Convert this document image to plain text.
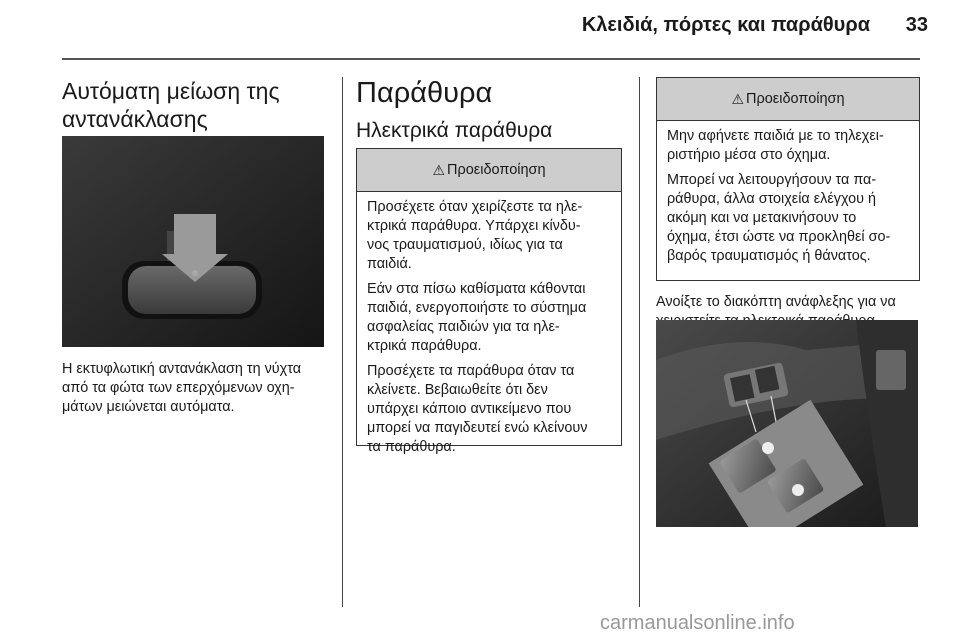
Κλειδιά, πόρτες και παράθυρα	33
Αυτόματη μείωση της
αντανάκλασης
Η εκτυφλωτική αντανάκλαση τη νύχτα
από τα φώτα των επερχόμενων οχη-
μάτων μειώνεται αυτόματα.
Παράθυρα
Ηλεκτρικά παράθυρα
⚠ Προειδοποίηση

Προσέχετε όταν χειρίζεστε τα ηλε-
κτρικά παράθυρα. Υπάρχει κίνδυ-
νος τραυματισμού, ιδίως για τα
παιδιά.

Εάν στα πίσω καθίσματα κάθονται
παιδιά, ενεργοποιήστε το σύστημα
ασφαλείας παιδιών για τα ηλε-
κτρικά παράθυρα.

Προσέχετε τα παράθυρα όταν τα
κλείνετε. Βεβαιωθείτε ότι δεν
υπάρχει κάποιο αντικείμενο που
μπορεί να παγιδευτεί ενώ κλείνουν
τα παράθυρα.

⚠ Προειδοποίηση

Μην αφήνετε παιδιά με το τηλεχει-
ριστήριο μέσα στο όχημα.

Μπορεί να λειτουργήσουν τα πα-
ράθυρα, άλλα στοιχεία ελέγχου ή
ακόμη και να μετακινήσουν το
όχημα, έτσι ώστε να προκληθεί σο-
βαρός τραυματισμός ή θάνατος.

Ανοίξτε το διακόπτη ανάφλεξης για να
carmanualsonline.info
